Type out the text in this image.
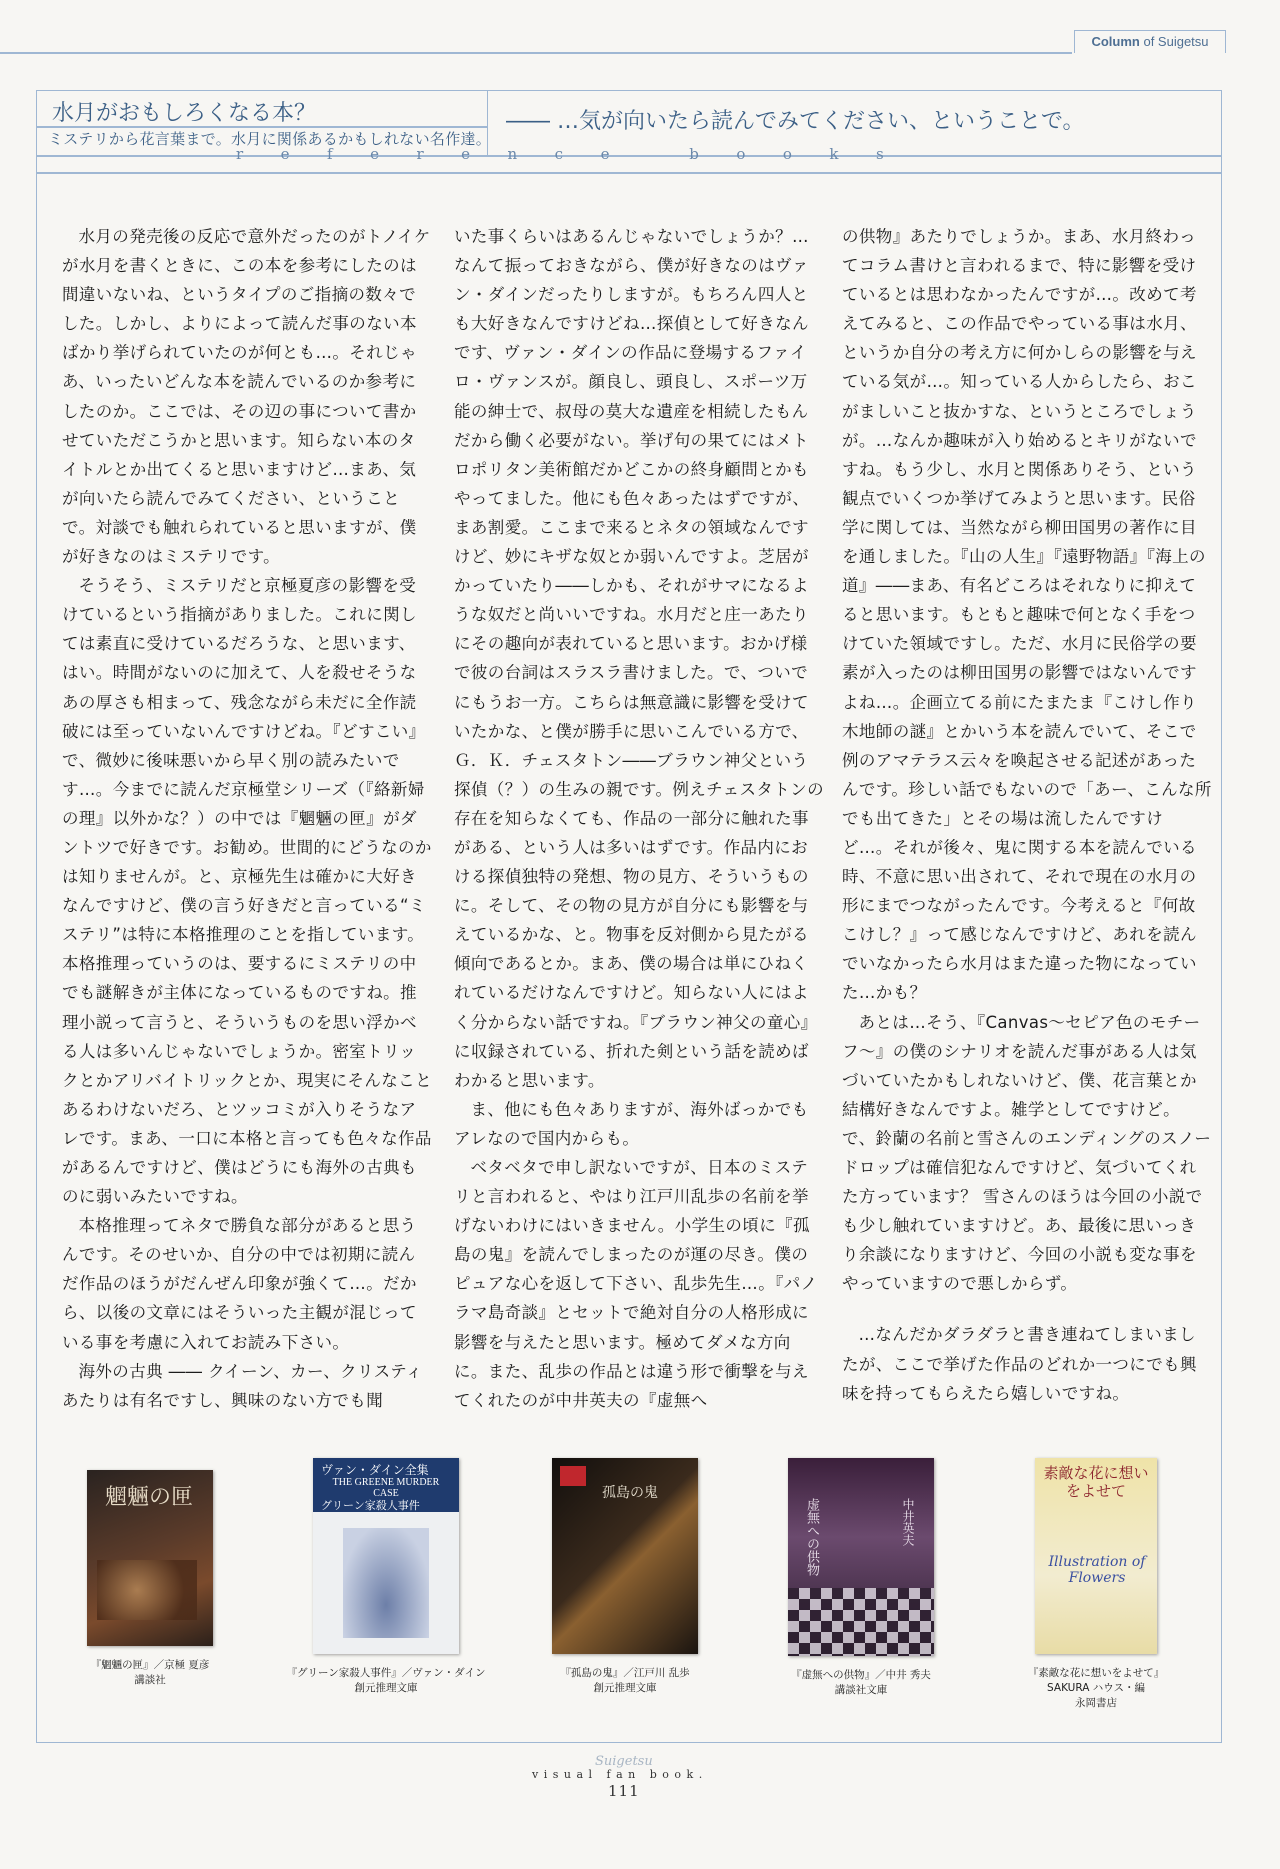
Column of Suigetsu
水月がおもしろくなる本？
ミステリから花言葉まで。水月に関係あるかもしれない名作達。
―― …気が向いたら読んでみてください、ということで。
reference books

水月の発売後の反応で意外だったのがトノイケが水月を書くときに、この本を参考にしたのは間違いないね、というタイプのご指摘の数々でした。しかし、よりによって読んだ事のない本ばかり挙げられていたのが何とも…。それじゃあ、いったいどんな本を読んでいるのか参考にしたのか。ここでは、その辺の事について書かせていただこうかと思います。知らない本のタイトルとか出てくると思いますけど…まあ、気が向いたら読んでみてください、ということで。対談でも触れられていると思いますが、僕が好きなのはミステリです。

そうそう、ミステリだと京極夏彦の影響を受けているという指摘がありました。これに関しては素直に受けているだろうな、と思います、はい。時間がないのに加えて、人を殺せそうなあの厚さも相まって、残念ながら未だに全作読破には至っていないんですけどね。『どすこい』で、微妙に後味悪いから早く別の読みたいです…。今までに読んだ京極堂シリーズ（『絡新婦の理』以外かな？）の中では『魍魎の匣』がダントツで好きです。お勧め。世間的にどうなのかは知りませんが。と、京極先生は確かに大好きなんですけど、僕の言う好きだと言っている“ミステリ”は特に本格推理のことを指しています。本格推理っていうのは、要するにミステリの中でも謎解きが主体になっているものですね。推理小説って言うと、そういうものを思い浮かべる人は多いんじゃないでしょうか。密室トリックとかアリバイトリックとか、現実にそんなことあるわけないだろ、とツッコミが入りそうなアレです。まあ、一口に本格と言っても色々な作品があるんですけど、僕はどうにも海外の古典ものに弱いみたいですね。

本格推理ってネタで勝負な部分があると思うんです。そのせいか、自分の中では初期に読んだ作品のほうがだんぜん印象が強くて…。だから、以後の文章にはそういった主観が混じっている事を考慮に入れてお読み下さい。

海外の古典 ―― クイーン、カー、クリスティあたりは有名ですし、興味のない方でも聞

いた事くらいはあるんじゃないでしょうか？…なんて振っておきながら、僕が好きなのはヴァン・ダインだったりしますが。もちろん四人とも大好きなんですけどね…探偵として好きなんです、ヴァン・ダインの作品に登場するファイロ・ヴァンスが。顔良し、頭良し、スポーツ万能の紳士で、叔母の莫大な遺産を相続したもんだから働く必要がない。挙げ句の果てにはメトロポリタン美術館だかどこかの終身顧問とかもやってました。他にも色々あったはずですが、まあ割愛。ここまで来るとネタの領域なんですけど、妙にキザな奴とか弱いんですよ。芝居がかっていたり――しかも、それがサマになるような奴だと尚いいですね。水月だと庄一あたりにその趣向が表れていると思います。おかげ様で彼の台詞はスラスラ書けました。で、ついでにもうお一方。こちらは無意識に影響を受けていたかな、と僕が勝手に思いこんでいる方で、Ｇ．Ｋ．チェスタトン――ブラウン神父という探偵（？）の生みの親です。例えチェスタトンの存在を知らなくても、作品の一部分に触れた事がある、という人は多いはずです。作品内における探偵独特の発想、物の見方、そういうものに。そして、その物の見方が自分にも影響を与えているかな、と。物事を反対側から見たがる傾向であるとか。まあ、僕の場合は単にひねくれているだけなんですけど。知らない人にはよく分からない話ですね。『ブラウン神父の童心』に収録されている、折れた剣という話を読めばわかると思います。

ま、他にも色々ありますが、海外ばっかでもアレなので国内からも。

ベタベタで申し訳ないですが、日本のミステリと言われると、やはり江戸川乱歩の名前を挙げないわけにはいきません。小学生の頃に『孤島の鬼』を読んでしまったのが運の尽き。僕のピュアな心を返して下さい、乱歩先生…。『パノラマ島奇談』とセットで絶対自分の人格形成に影響を与えたと思います。極めてダメな方向に。また、乱歩の作品とは違う形で衝撃を与えてくれたのが中井英夫の『虚無へ

の供物』あたりでしょうか。まあ、水月終わってコラム書けと言われるまで、特に影響を受けているとは思わなかったんですが…。改めて考えてみると、この作品でやっている事は水月、というか自分の考え方に何かしらの影響を与えている気が…。知っている人からしたら、おこがましいこと抜かすな、というところでしょうが。…なんか趣味が入り始めるとキリがないですね。もう少し、水月と関係ありそう、という観点でいくつか挙げてみようと思います。民俗学に関しては、当然ながら柳田国男の著作に目を通しました。『山の人生』『遠野物語』『海上の道』――まあ、有名どころはそれなりに抑えてると思います。もともと趣味で何となく手をつけていた領域ですし。ただ、水月に民俗学の要素が入ったのは柳田国男の影響ではないんですよね…。企画立てる前にたまたま『こけし作り木地師の謎』とかいう本を読んでいて、そこで例のアマテラス云々を喚起させる記述があったんです。珍しい話でもないので「あー、こんな所でも出てきた」とその場は流したんですけど…。それが後々、鬼に関する本を読んでいる時、不意に思い出されて、それで現在の水月の形にまでつながったんです。今考えると『何故こけし？』って感じなんですけど、あれを読んでいなかったら水月はまた違った物になっていた…かも？

あとは…そう、『Canvas～セピア色のモチーフ～』の僕のシナリオを読んだ事がある人は気づいていたかもしれないけど、僕、花言葉とか結構好きなんですよ。雑学としてですけど。で、鈴蘭の名前と雪さんのエンディングのスノードロップは確信犯なんですけど、気づいてくれた方っています？ 雪さんのほうは今回の小説でも少し触れていますけど。あ、最後に思いっきり余談になりますけど、今回の小説も変な事をやっていますので悪しからず。

…なんだかダラダラと書き連ねてしまいましたが、ここで挙げた作品のどれか一つにでも興味を持ってもらえたら嬉しいですね。

魍魎の匣
『魍魎の匣』／京極 夏彦
講談社
ヴァン・ダイン全集
THE GREENE MURDER CASE
グリーン家殺人事件
『グリーン家殺人事件』／ヴァン・ダイン
創元推理文庫
孤島の鬼
『孤島の鬼』／江戸川 乱歩
創元推理文庫
虚無への供物	中井英夫
『虚無への供物』／中井 秀夫
講談社文庫
素敵な花に想いをよせて
Illustration of Flowers
『素敵な花に想いをよせて』
SAKURA ハウス・編
永岡書店
Suigetsu
visual fan book.
111
